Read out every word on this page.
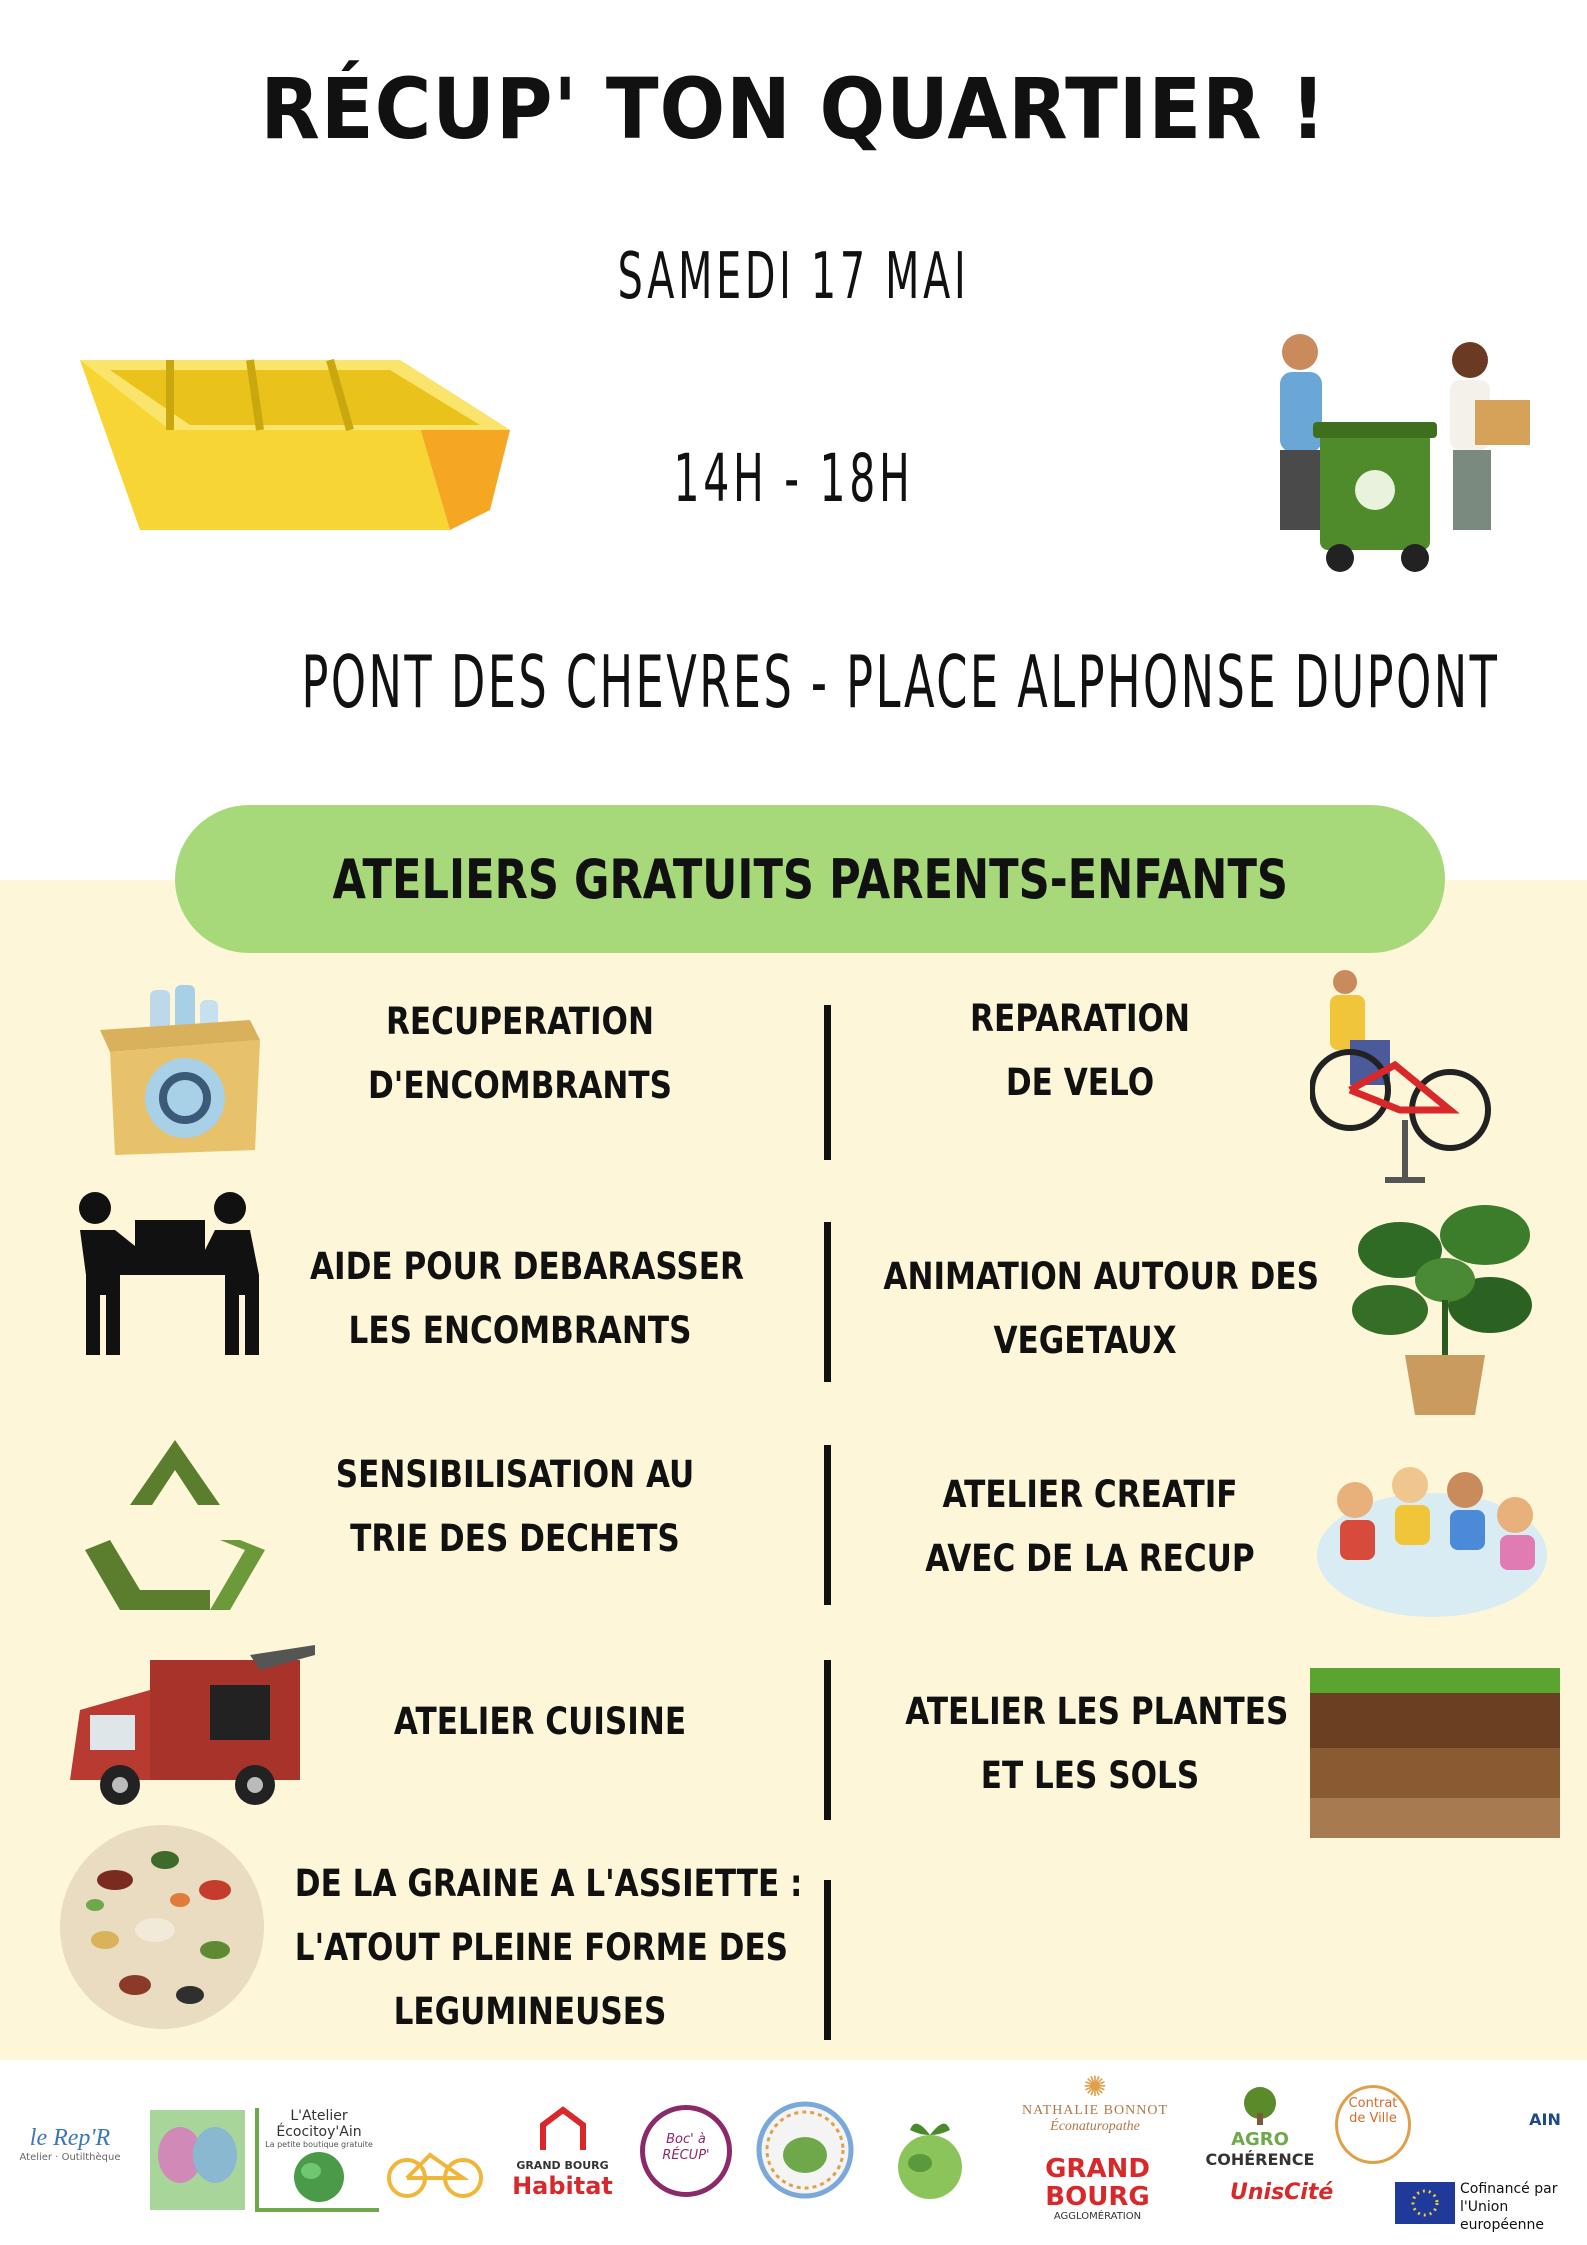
RÉCUP' TON QUARTIER !
SAMEDI 17 MAI
14H - 18H
PONT DES CHEVRES - PLACE ALPHONSE DUPONT
ATELIERS GRATUITS PARENTS-ENFANTS
RECUPERATION
D'ENCOMBRANTS
AIDE POUR DEBARASSER
LES ENCOMBRANTS
SENSIBILISATION AU
TRIE DES DECHETS
ATELIER CUISINE
DE LA GRAINE A L'ASSIETTE :
L'ATOUT PLEINE FORME DES
LEGUMINEUSES
REPARATION
DE VELO
ANIMATION AUTOUR DES
VEGETAUX
ATELIER CREATIF
AVEC DE LA RECUP
ATELIER LES PLANTES
ET LES SOLS
le Rep'R
Atelier · Outilthèque
L'Atelier Écocitoy'Ain
La petite boutique gratuite
GRAND BOURG
Habitat
Boc' à RÉCUP'
✺
NATHALIE BONNOT
Éconaturopathe
GRAND
BOURG
AGGLOMÉRATION
AGRO
COHÉRENCE
UnisCité
Contrat
de Ville	AIN
Cofinancé par l'Union européenne
